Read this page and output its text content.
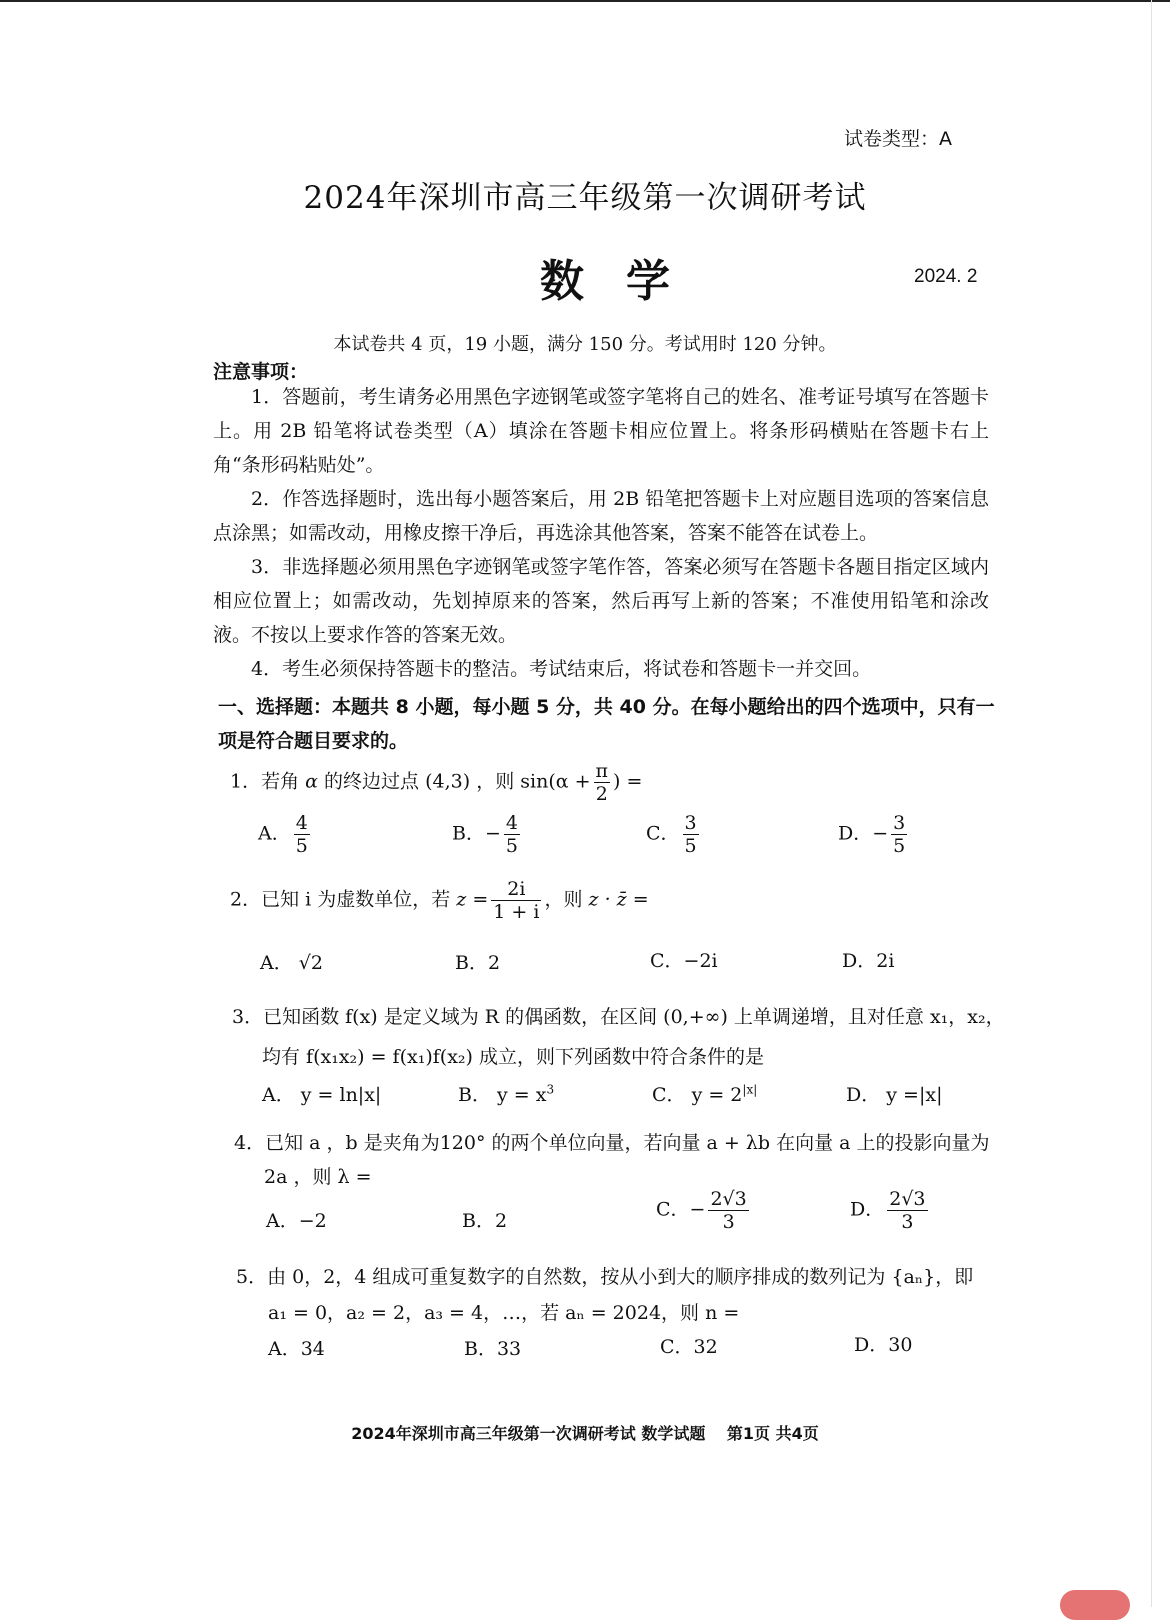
试卷类型：A
2024年深圳市高三年级第一次调研考试
数学	2024. 2
本试卷共 4 页，19 小题，满分 150 分。考试用时 120 分钟。
注意事项：

1．答题前，考生请务必用黑色字迹钢笔或签字笔将自己的姓名、准考证号填写在答题卡上。用 2B 铅笔将试卷类型（A）填涂在答题卡相应位置上。将条形码横贴在答题卡右上角“条形码粘贴处”。

2．作答选择题时，选出每小题答案后，用 2B 铅笔把答题卡上对应题目选项的答案信息点涂黑；如需改动，用橡皮擦干净后，再选涂其他答案，答案不能答在试卷上。

3．非选择题必须用黑色字迹钢笔或签字笔作答，答案必须写在答题卡各题目指定区域内相应位置上；如需改动，先划掉原来的答案，然后再写上新的答案；不准使用铅笔和涂改液。不按以上要求作答的答案无效。

4．考生必须保持答题卡的整洁。考试结束后，将试卷和答题卡一并交回。

一、选择题：本题共 8 小题，每小题 5 分，共 40 分。在每小题给出的四个选项中，只有一项是符合题目要求的。
1．若角 α 的终边过点 (4,3) ，则 $\sin(\alpha + \frac{\pi}{2}$ ) =
A． $\frac{4}{5}$	B．− $\frac{4}{5}$	C． $\frac{3}{5}$	D．− $\frac{3}{5}$
2．已知 i 为虚数单位，若 $z = \frac{2i}{1 + i}$ ，则 z · z̄ =
A． √2	B．2	C．−2i	D．2i
3．已知函数 f(x) 是定义域为 R 的偶函数，在区间 (0,+∞) 上单调递增，且对任意 x₁，x₂，
均有 f(x₁x₂) = f(x₁)f(x₂) 成立，则下列函数中符合条件的是
A． y = ln|x|	B． $y = x^3$	C． $y = 2^{|x|}$	D． y =|x|
4．已知 a ，b 是夹角为120° 的两个单位向量，若向量 a + λb 在向量 a 上的投影向量为
2a ，则 λ =
A．−2	B．2
C．− $\frac{2√3}{3}$	D． $\frac{2√3}{3}$
5．由 0，2，4 组成可重复数字的自然数，按从小到大的顺序排成的数列记为 {aₙ}，即
a₁ = 0，a₂ = 2，a₃ = 4，…，若 aₙ = 2024，则 n =
A．34	B．33	C．32	D．30
2024年深圳市高三年级第一次调研考试 数学试题　 第1页 共4页
